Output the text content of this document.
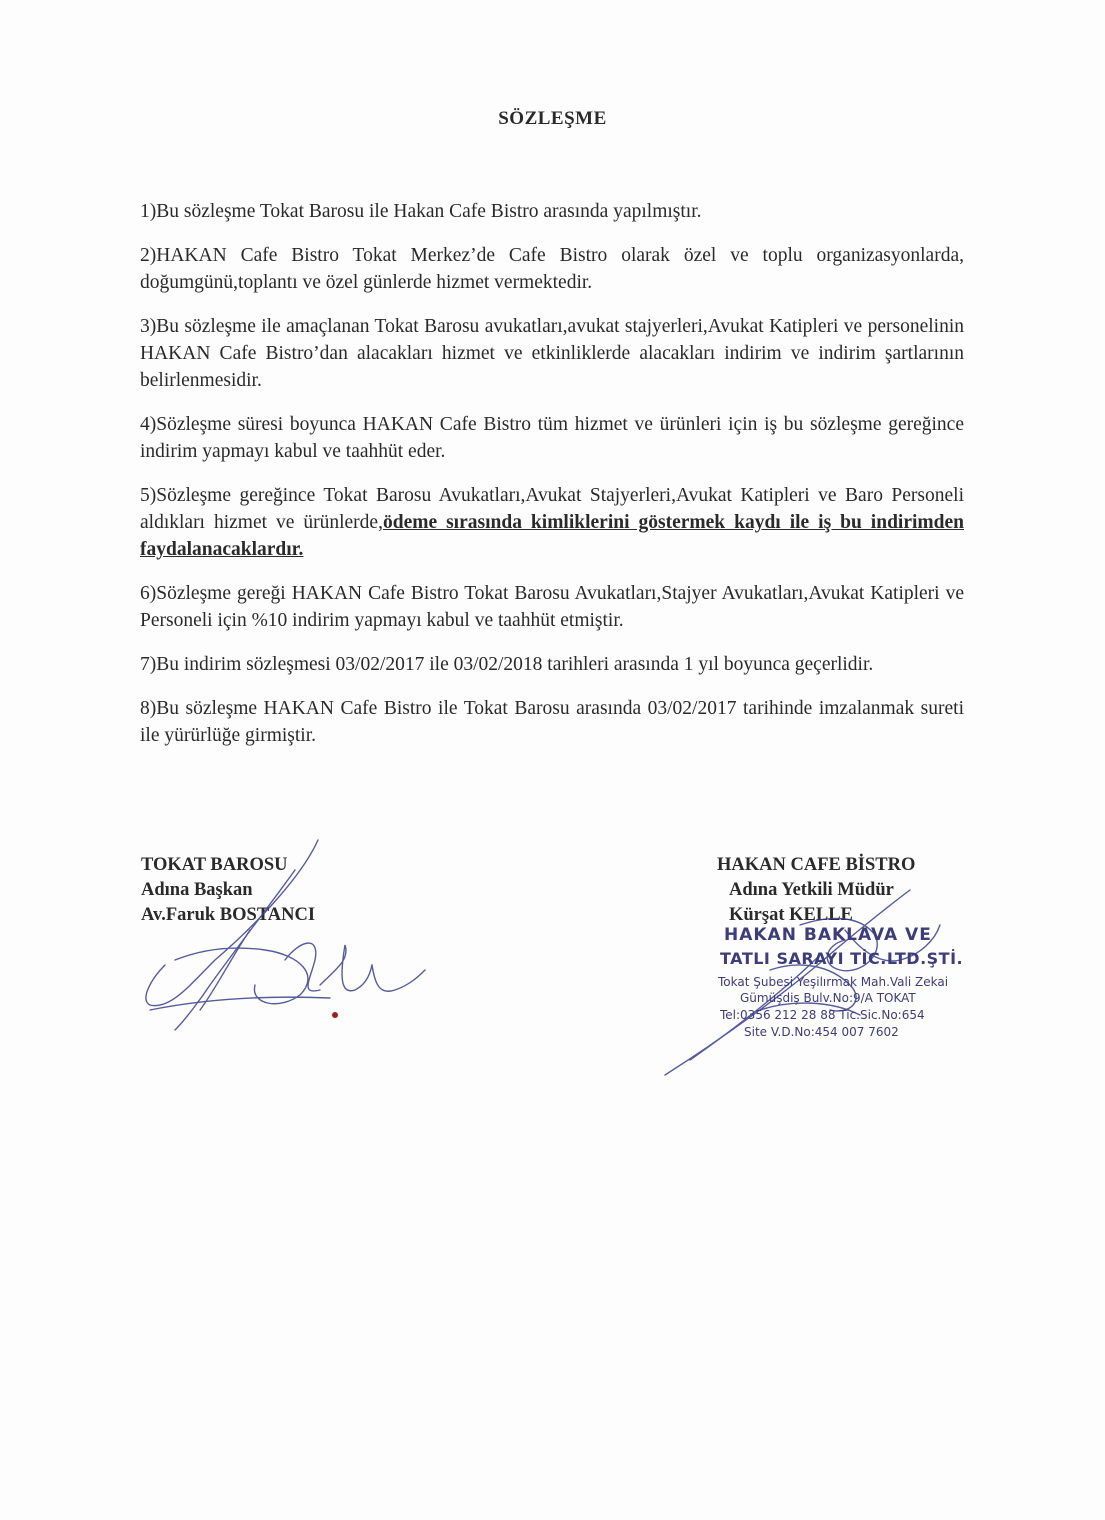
SÖZLEŞME

1)Bu sözleşme Tokat Barosu ile Hakan Cafe Bistro arasında yapılmıştır.

2)HAKAN Cafe Bistro Tokat Merkez’de Cafe Bistro olarak özel ve toplu organizasyonlarda, doğumgünü,toplantı ve özel günlerde hizmet vermektedir.

3)Bu sözleşme ile amaçlanan Tokat Barosu avukatları,avukat stajyerleri,Avukat Katipleri ve personelinin HAKAN Cafe Bistro’dan alacakları hizmet ve etkinliklerde alacakları indirim ve indirim şartlarının belirlenmesidir.

4)Sözleşme süresi boyunca HAKAN Cafe Bistro tüm hizmet ve ürünleri için iş bu sözleşme gereğince indirim yapmayı kabul ve taahhüt eder.

5)Sözleşme gereğince Tokat Barosu Avukatları,Avukat Stajyerleri,Avukat Katipleri ve Baro Personeli aldıkları hizmet ve ürünlerde,ödeme sırasında kimliklerini göstermek kaydı ile iş bu indirimden faydalanacaklardır.

6)Sözleşme gereği HAKAN Cafe Bistro Tokat Barosu Avukatları,Stajyer Avukatları,Avukat Katipleri ve Personeli için %10 indirim yapmayı kabul ve taahhüt etmiştir.

7)Bu indirim sözleşmesi 03/02/2017 ile 03/02/2018 tarihleri arasında 1 yıl boyunca geçerlidir.

8)Bu sözleşme HAKAN Cafe Bistro ile Tokat Barosu arasında 03/02/2017 tarihinde imzalanmak sureti ile yürürlüğe girmiştir.

TOKAT BAROSU
Adına Başkan
Av.Faruk BOSTANCI
HAKAN CAFE BİSTRO
Adına Yetkili Müdür
Kürşat KELLE
HAKAN BAKLAVA VE
TATLI SARAYI TİC.LTD.ŞTİ.
Tokat Şubesi Yeşilırmak Mah.Vali Zekai
Gümüşdiş Bulv.No:9/A TOKAT
Tel:0356 212 28 88 Tic.Sic.No:654
Site V.D.No:454 007 7602
